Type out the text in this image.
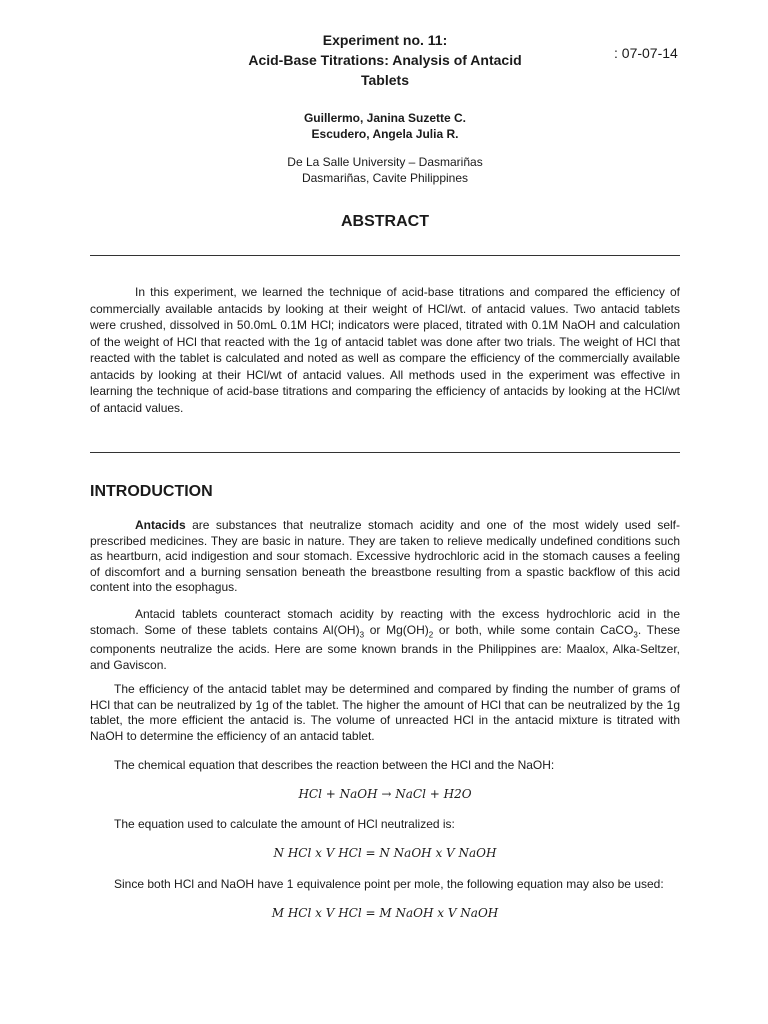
Experiment no. 11:
Acid-Base Titrations: Analysis of Antacid
Tablets
: 07-07-14
Guillermo, Janina Suzette C.
Escudero, Angela Julia R.
De La Salle University – Dasmariñas
Dasmariñas, Cavite Philippines
ABSTRACT

In this experiment, we learned the technique of acid-base titrations and compared the efficiency of commercially available antacids by looking at their weight of HCl/wt. of antacid values. Two antacid tablets were crushed, dissolved in 50.0mL 0.1M HCl; indicators were placed, titrated with 0.1M NaOH and calculation of the weight of HCl that reacted with the 1g of antacid tablet was done after two trials. The weight of HCl that reacted with the tablet is calculated and noted as well as compare the efficiency of the commercially available antacids by looking at their HCl/wt of antacid values. All methods used in the experiment was effective in learning the technique of acid-base titrations and comparing the efficiency of antacids by looking at the HCl/wt of antacid values.

INTRODUCTION

Antacids are substances that neutralize stomach acidity and one of the most widely used self-prescribed medicines. They are basic in nature. They are taken to relieve medically undefined conditions such as heartburn, acid indigestion and sour stomach. Excessive hydrochloric acid in the stomach causes a feeling of discomfort and a burning sensation beneath the breastbone resulting from a spastic backflow of this acid content into the esophagus.

Antacid tablets counteract stomach acidity by reacting with the excess hydrochloric acid in the stomach. Some of these tablets contains $Al(OH)_3$ or $Mg(OH)_2$ or both, while some contain CaCO$_3$. These components neutralize the acids. Here are some known brands in the Philippines are: Maalox, Alka-Seltzer, and Gaviscon.

The efficiency of the antacid tablet may be determined and compared by finding the number of grams of HCl that can be neutralized by 1g of the tablet. The higher the amount of HCl that can be neutralized by the 1g tablet, the more efficient the antacid is. The volume of unreacted HCl in the antacid mixture is titrated with NaOH to determine the efficiency of an antacid tablet.

The chemical equation that describes the reaction between the HCl and the NaOH:

HCl + NaOH → NaCl + H2O

The equation used to calculate the amount of HCl neutralized is:

N HCl x V HCl = N NaOH x V NaOH

Since both HCl and NaOH have 1 equivalence point per mole, the following equation may also be used:

M HCl x V HCl = M NaOH x V NaOH
